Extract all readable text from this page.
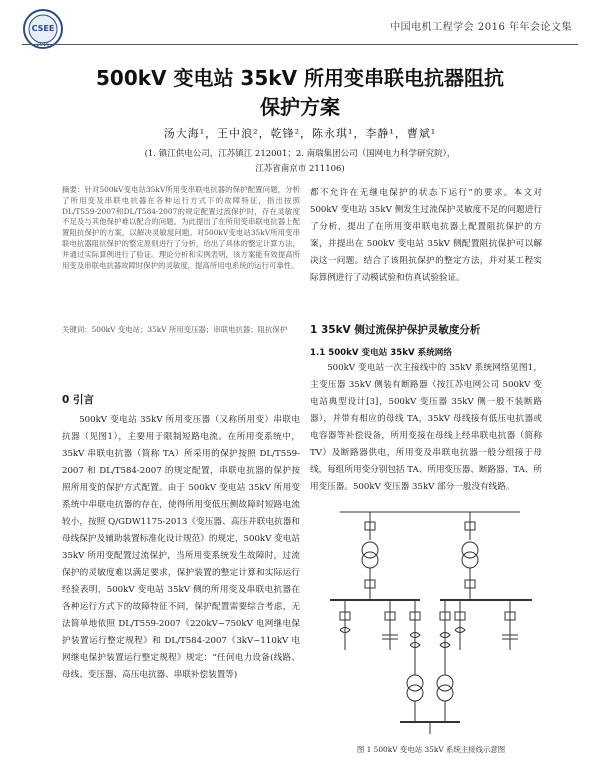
CSEE
2016
中国电机工程学会 2016 年年会论文集
500kV 变电站 35kV 所用变串联电抗器阻抗
保护方案
汤大海¹，王中浪²，乾锋²，陈永琪¹，李静¹，曹斌¹
(1. 镇江供电公司，江苏镇江 212001；2. 南瑞集团公司（国网电力科学研究院），
江苏省南京市 211106)
摘要：针对500kV变电站35kV所用变串联电抗器的保护配置问题，分析了所用变及串联电抗器在各种运行方式下的故障特征，指出按照DL/T559-2007和DL/T584-2007的规定配置过流保护时，存在灵敏度不足及与其他保护难以配合的问题。为此提出了在所用变串联电抗器上配置阻抗保护的方案，以解决灵敏度问题。对500kV变电站35kV所用变串联电抗器阻抗保护的整定原则进行了分析，给出了具体的整定计算方法，并通过实际算例进行了验证。理论分析和实例表明，该方案能有效提高所用变及串联电抗器故障时保护的灵敏度，提高所用电系统的运行可靠性。
关键词：500kV 变电站；35kV 所用变压器；串联电抗器；阻抗保护
0 引言

500kV 变电站 35kV 所用变压器（又称所用变）串联电抗器（见图1），主要用于限制短路电流。在所用变系统中，35kV 串联电抗器（简称 TA）所采用的保护按照 DL/T559-2007 和 DL/T584-2007 的规定配置，串联电抗器的保护按照所用变的保护方式配置。由于 500kV 变电站 35kV 所用变系统中串联电抗器的存在，使得所用变低压侧故障时短路电流较小，按照 Q/GDW1175-2013《变压器、高压并联电抗器和母线保护及辅助装置标准化设计规范》的规定，500kV 变电站 35kV 所用变配置过流保护，当所用变系统发生故障时，过流保护的灵敏度难以满足要求，保护装置的整定计算和实际运行经验表明，500kV 变电站 35kV 侧的所用变及串联电抗器在各种运行方式下的故障特征不同，保护配置需要综合考虑，无法简单地依照 DL/T559-2007《220kV~750kV 电网继电保护装置运行整定规程》和 DL/T584-2007《3kV~110kV 电网继电保护装置运行整定规程》规定：“任何电力设备(线路、母线、变压器、高压电抗器、串联补偿装置等)

都不允许在无继电保护的状态下运行”的要求。本文对 500kV 变电站 35kV 侧发生过流保护灵敏度不足的问题进行了分析，提出了在所用变串联电抗器上配置阻抗保护的方案，并提出在 500kV 变电站 35kV 侧配置阻抗保护可以解决这一问题。结合了该阻抗保护的整定方法，并对某工程实际算例进行了动模试验和仿真试验验证。

1 35kV 侧过流保护保护灵敏度分析
1.1 500kV 变电站 35kV 系统网络

500kV 变电站一次主接线中的 35kV 系统网络见图1，主变压器 35kV 侧装有断路器（按江苏电网公司 500kV 变电站典型设计[3]，500kV 变压器 35kV 侧一般不装断路器），并带有相应的母线 TA，35kV 母线接有低压电抗器或电容器等补偿设备，所用变接在母线上经串联电抗器（简称 TV）及断路器供电，所用变及串联电抗器一般分组接于母线，每组所用变分别包括 TA、所用变压器、断路器、TA、所用变压器。500kV 变压器 35kV 部分一般没有线路。

图 1 500kV 变电站 35kV 系统主接线示意图
